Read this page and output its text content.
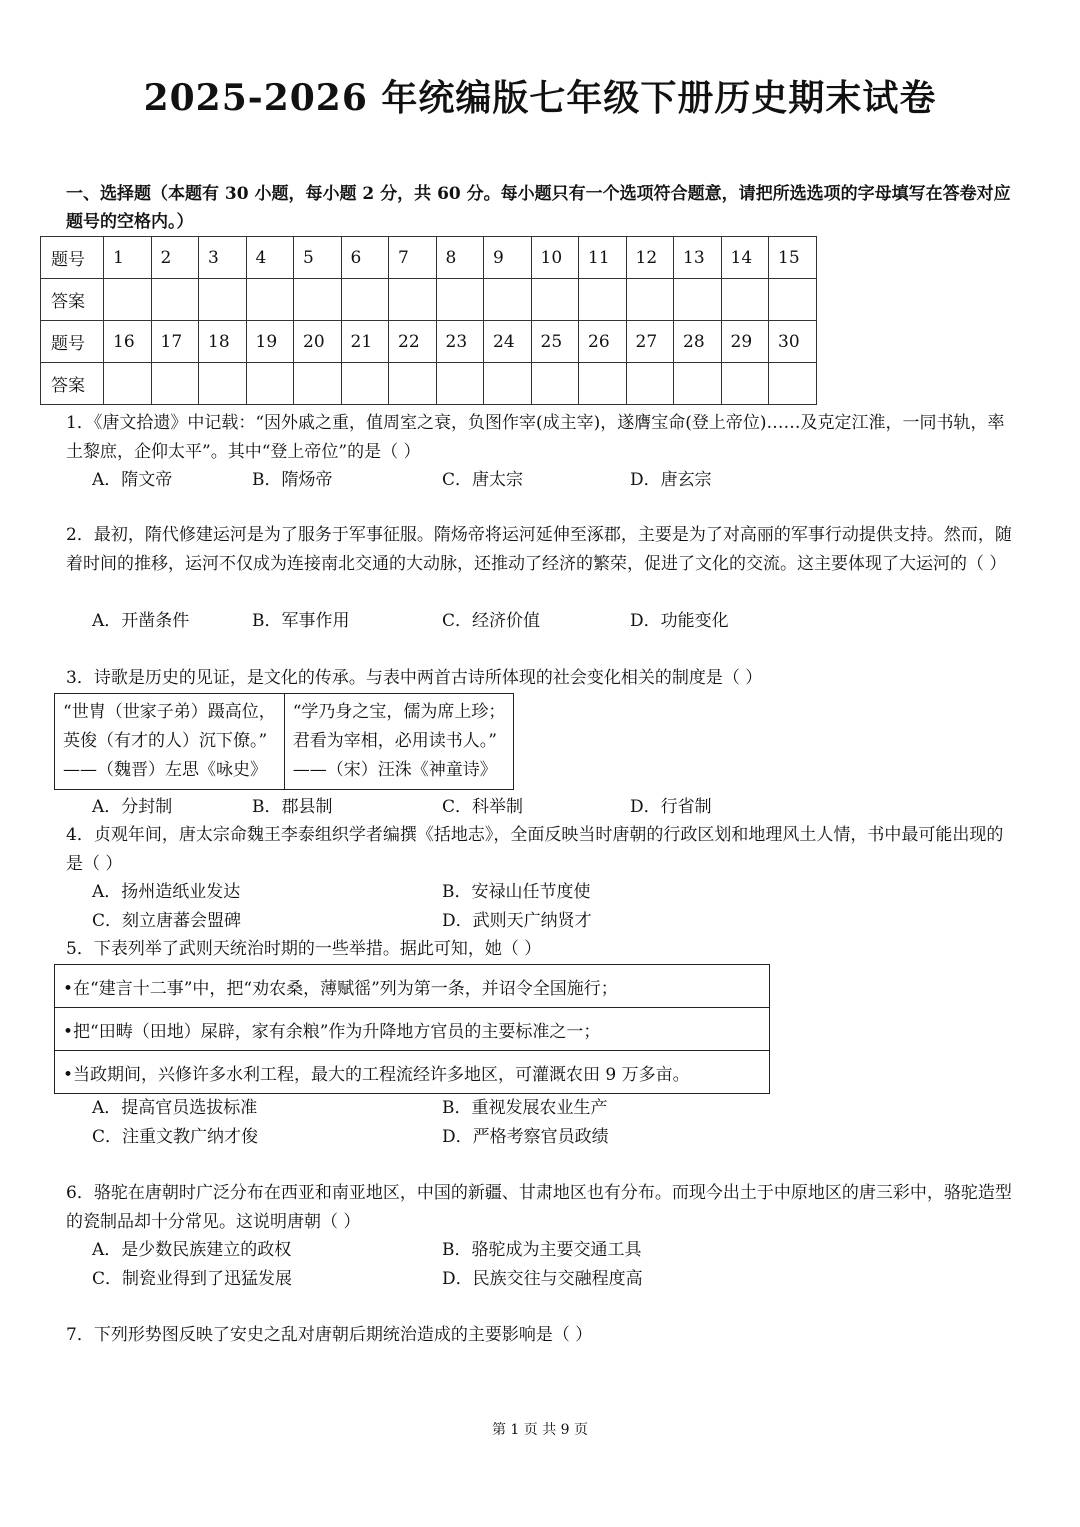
2025-2026 年统编版七年级下册历史期末试卷
一、选择题（本题有 30 小题，每小题 2 分，共 60 分。每小题只有一个选项符合题意，请把所选选项的字母填写在答卷对应题号的空格内。）
题号	1	2	3	4	5	6	7	8	9	10	11	12	13	14	15
答案															
题号	16	17	18	19	20	21	22	23	24	25	26	27	28	29	30
答案															
1．《唐文拾遗》中记载：“因外戚之重，值周室之衰，负图作宰(成主宰)，遂膺宝命(登上帝位)……及克定江淮，一同书轨，率土黎庶，企仰太平”。其中“登上帝位”的是（ ）
A．隋文帝	B．隋炀帝	C．唐太宗	D．唐玄宗
2．最初，隋代修建运河是为了服务于军事征服。隋炀帝将运河延伸至涿郡，主要是为了对高丽的军事行动提供支持。然而，随着时间的推移，运河不仅成为连接南北交通的大动脉，还推动了经济的繁荣，促进了文化的交流。这主要体现了大运河的（ ）
A．开凿条件	B．军事作用	C．经济价值	D．功能变化
3．诗歌是历史的见证，是文化的传承。与表中两首古诗所体现的社会变化相关的制度是（ ）
“世胄（世家子弟）蹑高位，
英俊（有才的人）沉下僚。”
——（魏晋）左思《咏史》

“学乃身之宝，儒为席上珍；
君看为宰相，必用读书人。”
——（宋）汪洙《神童诗》
A．分封制	B．郡县制	C．科举制	D．行省制
4．贞观年间，唐太宗命魏王李泰组织学者编撰《括地志》，全面反映当时唐朝的行政区划和地理风土人情，书中最可能出现的是（ ）
A．扬州造纸业发达	B．安禄山任节度使
C．刻立唐蕃会盟碑	D．武则天广纳贤才
5．下表列举了武则天统治时期的一些举措。据此可知，她（ ）
•在“建言十二事”中，把“劝农桑，薄赋徭”列为第一条，并诏令全国施行；
•把“田畴（田地）屎辟，家有余粮”作为升降地方官员的主要标准之一；
•当政期间，兴修许多水利工程，最大的工程流经许多地区，可灌溉农田 9 万多亩。
A．提高官员选拔标准	B．重视发展农业生产
C．注重文教广纳才俊	D．严格考察官员政绩
6．骆驼在唐朝时广泛分布在西亚和南亚地区，中国的新疆、甘肃地区也有分布。而现今出土于中原地区的唐三彩中，骆驼造型的瓷制品却十分常见。这说明唐朝（ ）
A．是少数民族建立的政权	B．骆驼成为主要交通工具
C．制瓷业得到了迅猛发展	D．民族交往与交融程度高
7．下列形势图反映了安史之乱对唐朝后期统治造成的主要影响是（ ）
第 1 页 共 9 页
